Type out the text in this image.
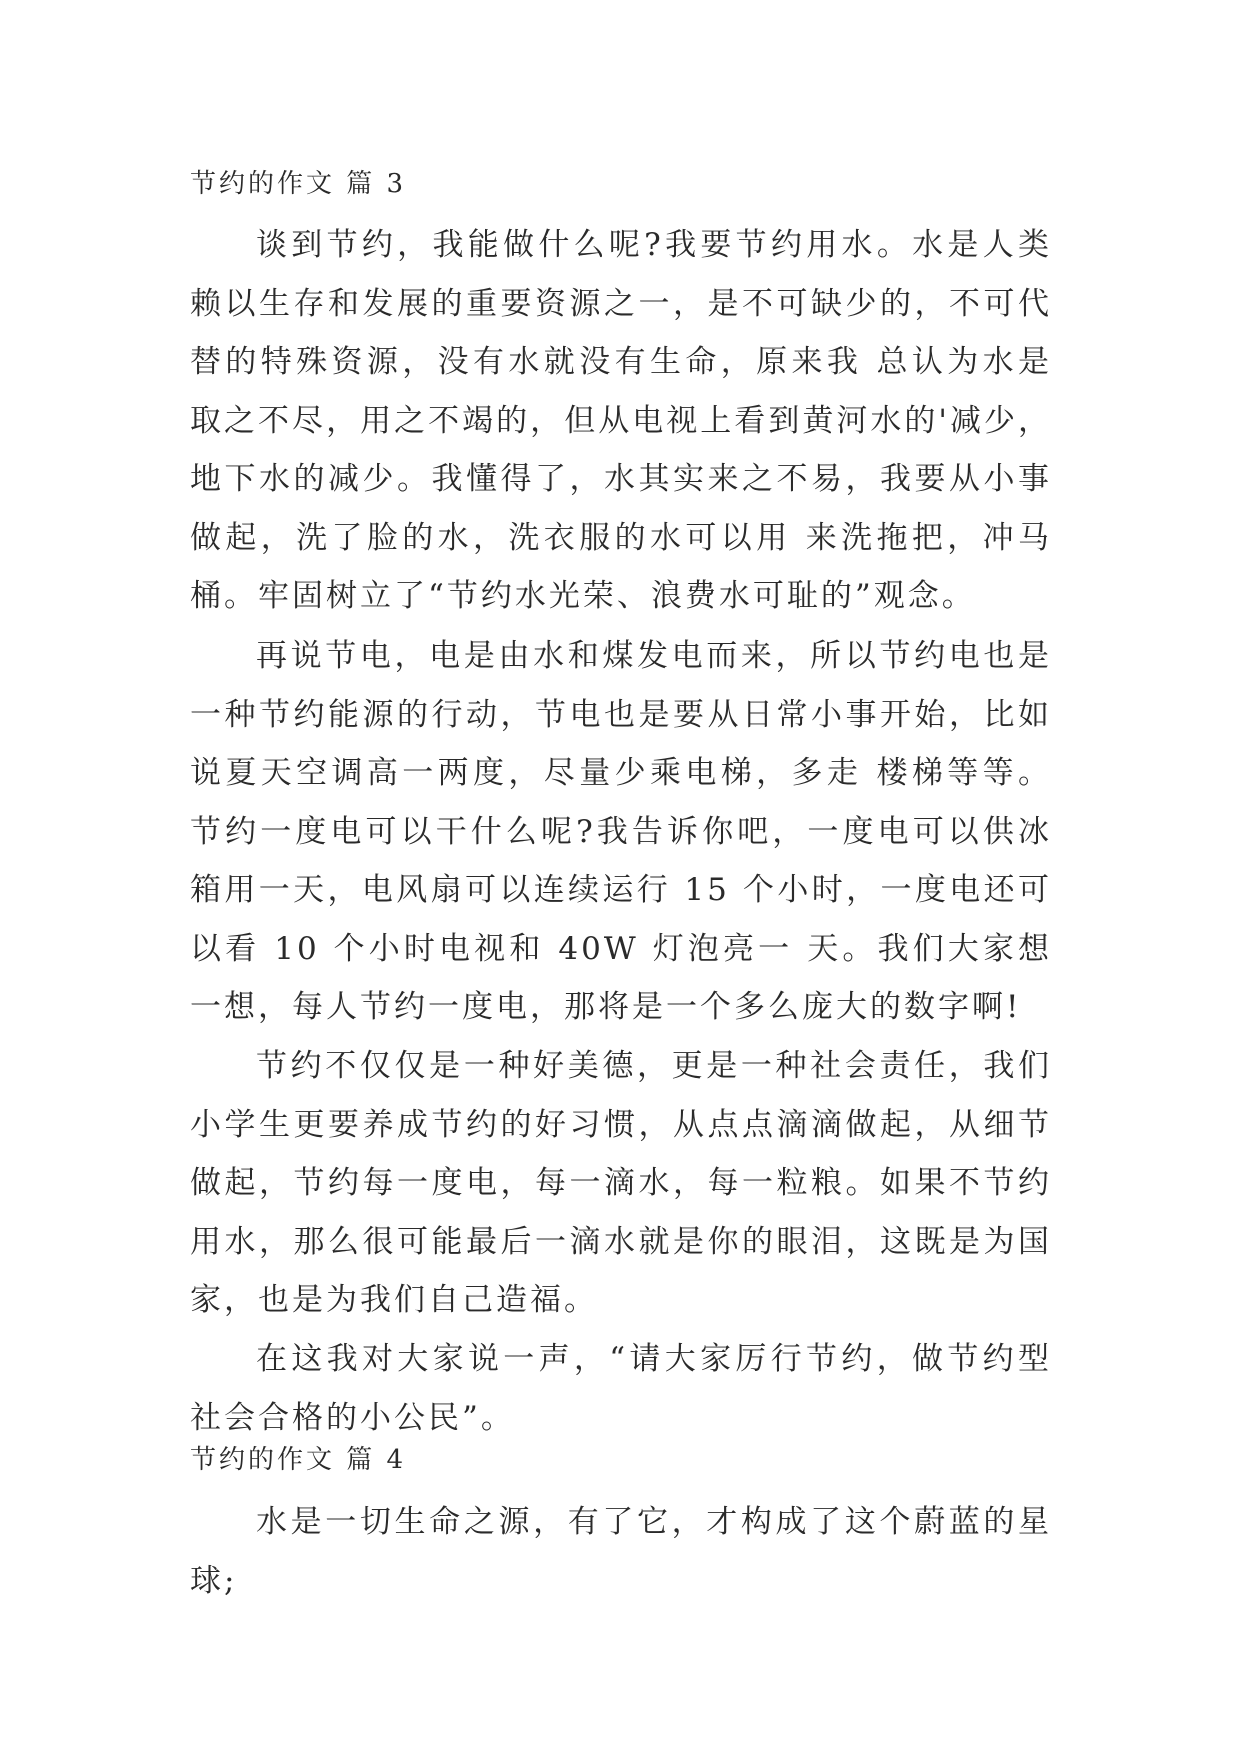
节约的作文 篇 3

谈到节约，我能做什么呢?我要节约用水。水是人类赖以生存和发展的重要资源之一，是不可缺少的，不可代替的特殊资源，没有水就没有生命，原来我 总认为水是取之不尽，用之不竭的，但从电视上看到黄河水的'减少，地下水的减少。我懂得了，水其实来之不易，我要从小事做起，洗了脸的水，洗衣服的水可以用 来洗拖把，冲马桶。牢固树立了“节约水光荣、浪费水可耻的”观念。

再说节电，电是由水和煤发电而来，所以节约电也是一种节约能源的行动，节电也是要从日常小事开始，比如说夏天空调高一两度，尽量少乘电梯，多走 楼梯等等。节约一度电可以干什么呢?我告诉你吧，一度电可以供冰箱用一天，电风扇可以连续运行 15 个小时，一度电还可以看 10 个小时电视和 40W 灯泡亮一 天。我们大家想一想，每人节约一度电，那将是一个多么庞大的数字啊!

节约不仅仅是一种好美德，更是一种社会责任，我们小学生更要养成节约的好习惯，从点点滴滴做起，从细节做起，节约每一度电，每一滴水，每一粒粮。如果不节约用水，那么很可能最后一滴水就是你的眼泪，这既是为国家，也是为我们自己造福。

在这我对大家说一声，“请大家厉行节约，做节约型社会合格的小公民”。

节约的作文 篇 4

水是一切生命之源，有了它，才构成了这个蔚蓝的星球;
